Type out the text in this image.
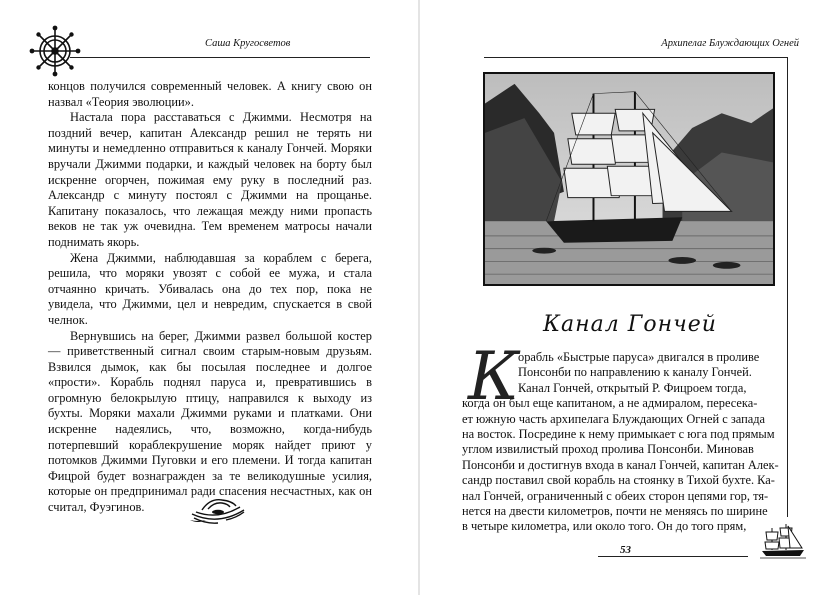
Саша Кругосветов

концов получился современный человек. А книгу свою он назвал «Теория эволюции».

Настала пора расставаться с Джимми. Несмотря на поздний вечер, капитан Александр решил не терять ни минуты и немедленно отправиться к каналу Гончей. Моряки вручали Джимми подарки, и каждый человек на борту был искренне огорчен, пожимая ему руку в последний раз. Александр с минуту постоял с Джимми на прощанье. Капитану показалось, что лежащая между ними пропасть веков не так уж очевидна. Тем временем матросы начали поднимать якорь.

Жена Джимми, наблюдавшая за кораблем с берега, решила, что моряки увозят с собой ее мужа, и стала отчаянно кричать. Убивалась она до тех пор, пока не увидела, что Джимми, цел и невредим, спускается в свой челнок.

Вернувшись на берег, Джимми развел большой костер — приветственный сигнал своим старым-новым друзьям. Взвился дымок, как бы посылая последнее и долгое «прости». Корабль поднял паруса и, превратившись в огромную белокрылую птицу, направился к выходу из бухты. Моряки махали Джимми руками и платками. Они искренне надеялись, что, возможно, когда-нибудь потерпевший кораблекрушение моряк найдет приют у потомков Джимми Пуговки и его племени. И тогда капитан Фицрой будет вознагражден за те великодушные усилия, которые он предпринимал ради спасения несчастных, как он считал, Фуэгинов.

Архипелаг Блуждающих Огней
Канал Гончей
К
орабль «Быстрые паруса» двигался в проливе
Понсонби по направлению к каналу Гончей.
Канал Гончей, открытый Р. Фицроем тогда,
когда он был еще капитаном, а не адмиралом, пересека-
ет южную часть архипелага Блуждающих Огней с запада
на восток. Посредине к нему примыкает с юга под прямым
углом извилистый проход пролива Понсонби. Миновав
Понсонби и достигнув входа в канал Гончей, капитан Алек-
сандр поставил свой корабль на стоянку в Тихой бухте. Ка-
нал Гончей, ограниченный с обеих сторон цепями гор, тя-
нется на двести километров, почти не меняясь по ширине
в четыре километра, или около того. Он до того прям,
53
